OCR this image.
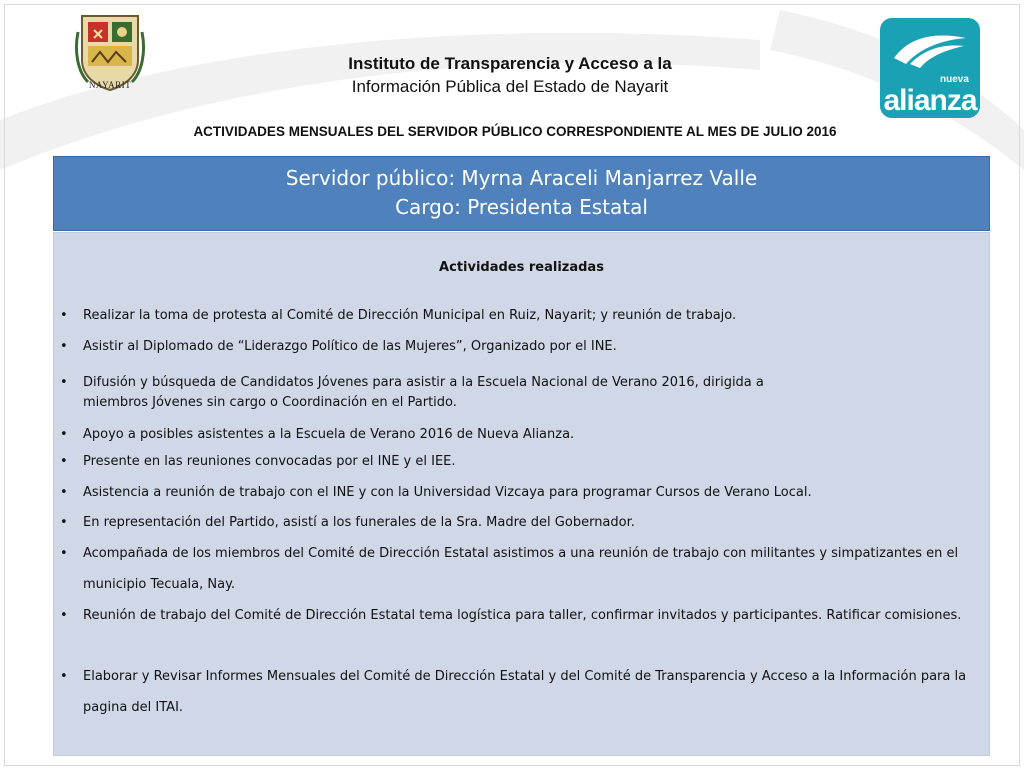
NAYARIT
Instituto de Transparencia y Acceso a la
Información Pública del Estado de Nayarit	nueva
alianza
ACTIVIDADES MENSUALES DEL SERVIDOR PÚBLICO CORRESPONDIENTE AL MES DE JULIO 2016
Servidor público: Myrna Araceli Manjarrez Valle
Cargo: Presidenta Estatal
Actividades realizadas
• Realizar la toma de protesta al Comité de Dirección Municipal en Ruiz, Nayarit; y reunión de trabajo.
• Asistir al Diplomado de “Liderazgo Político de las Mujeres”, Organizado por el INE.
• Difusión y búsqueda de Candidatos Jóvenes para asistir a la Escuela Nacional de Verano 2016, dirigida a miembros Jóvenes sin cargo o Coordinación en el Partido.
• Apoyo a posibles asistentes a la Escuela de Verano 2016 de Nueva Alianza.
• Presente en las reuniones convocadas por el INE y el IEE.
• Asistencia a reunión de trabajo con el INE y con la Universidad Vizcaya para programar Cursos de Verano Local.
• En representación del Partido, asistí a los funerales de la Sra. Madre del Gobernador.
• Acompañada de los miembros del Comité de Dirección Estatal asistimos a una reunión de trabajo con militantes y simpatizantes en el municipio Tecuala, Nay.
• Reunión de trabajo del Comité de Dirección Estatal tema logística para taller, confirmar invitados y participantes. Ratificar comisiones.
• Elaborar y Revisar Informes Mensuales del Comité de Dirección Estatal y del Comité de Transparencia y Acceso a la Información para la pagina del ITAI.
